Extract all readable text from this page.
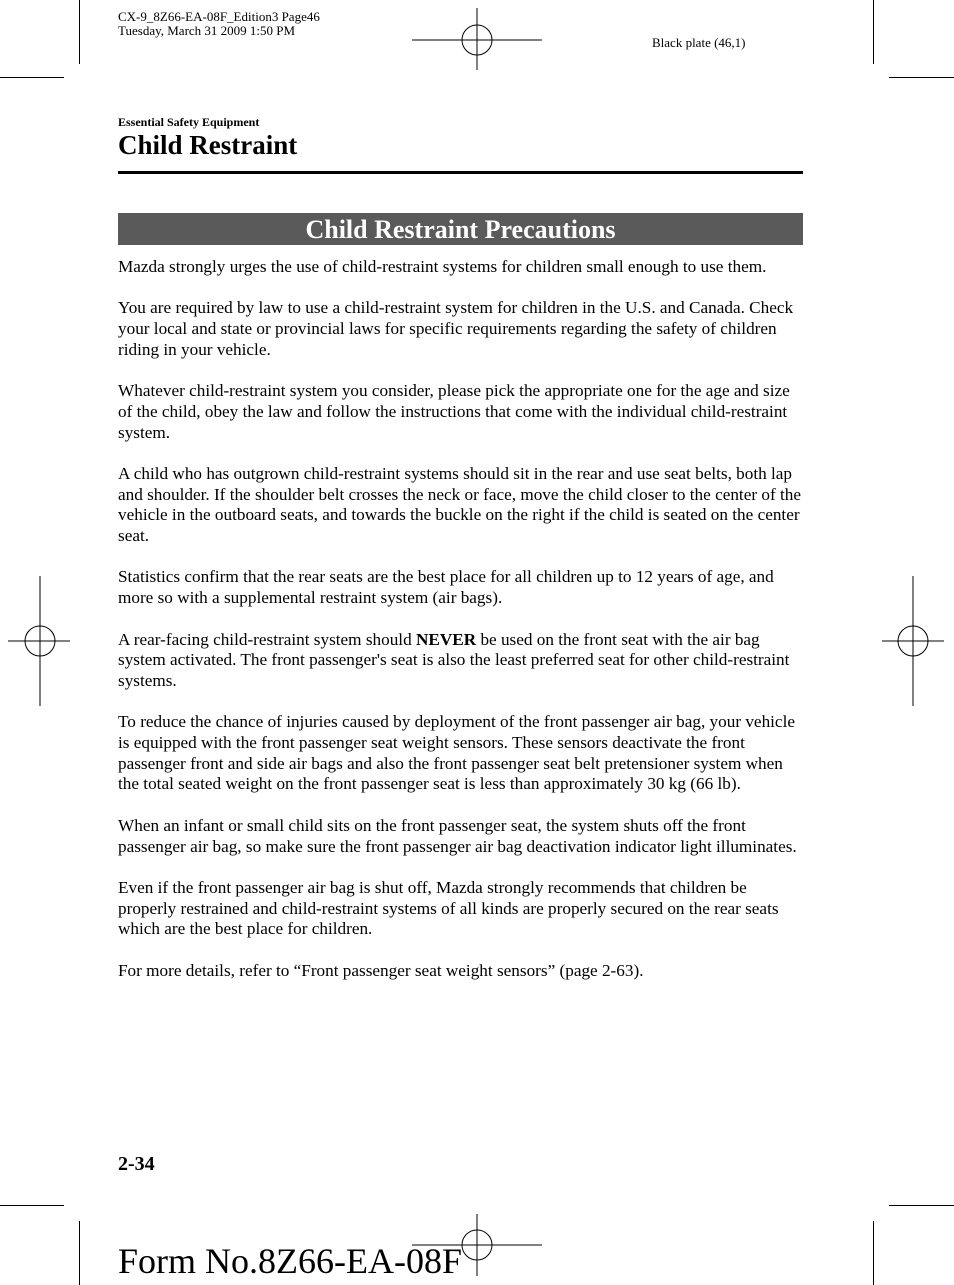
CX-9_8Z66-EA-08F_Edition3 Page46
Tuesday, March 31 2009 1:50 PM
Black plate (46,1)
Essential Safety Equipment
Child Restraint
Child Restraint Precautions

Mazda strongly urges the use of child-restraint systems for children small enough to use them.

You are required by law to use a child-restraint system for children in the U.S. and Canada. Check your local and state or provincial laws for specific requirements regarding the safety of children riding in your vehicle.

Whatever child-restraint system you consider, please pick the appropriate one for the age and size of the child, obey the law and follow the instructions that come with the individual child-restraint system.

A child who has outgrown child-restraint systems should sit in the rear and use seat belts, both lap and shoulder. If the shoulder belt crosses the neck or face, move the child closer to the center of the vehicle in the outboard seats, and towards the buckle on the right if the child is seated on the center seat.

Statistics confirm that the rear seats are the best place for all children up to 12 years of age, and more so with a supplemental restraint system (air bags).

A rear-facing child-restraint system should NEVER be used on the front seat with the air bag system activated. The front passenger's seat is also the least preferred seat for other child-restraint systems.

To reduce the chance of injuries caused by deployment of the front passenger air bag, your vehicle is equipped with the front passenger seat weight sensors. These sensors deactivate the front passenger front and side air bags and also the front passenger seat belt pretensioner system when the total seated weight on the front passenger seat is less than approximately 30 kg (66 lb).

When an infant or small child sits on the front passenger seat, the system shuts off the front passenger air bag, so make sure the front passenger air bag deactivation indicator light illuminates.

Even if the front passenger air bag is shut off, Mazda strongly recommends that children be properly restrained and child-restraint systems of all kinds are properly secured on the rear seats which are the best place for children.

For more details, refer to “Front passenger seat weight sensors” (page 2-63).

2-34
Form No.8Z66-EA-08F
